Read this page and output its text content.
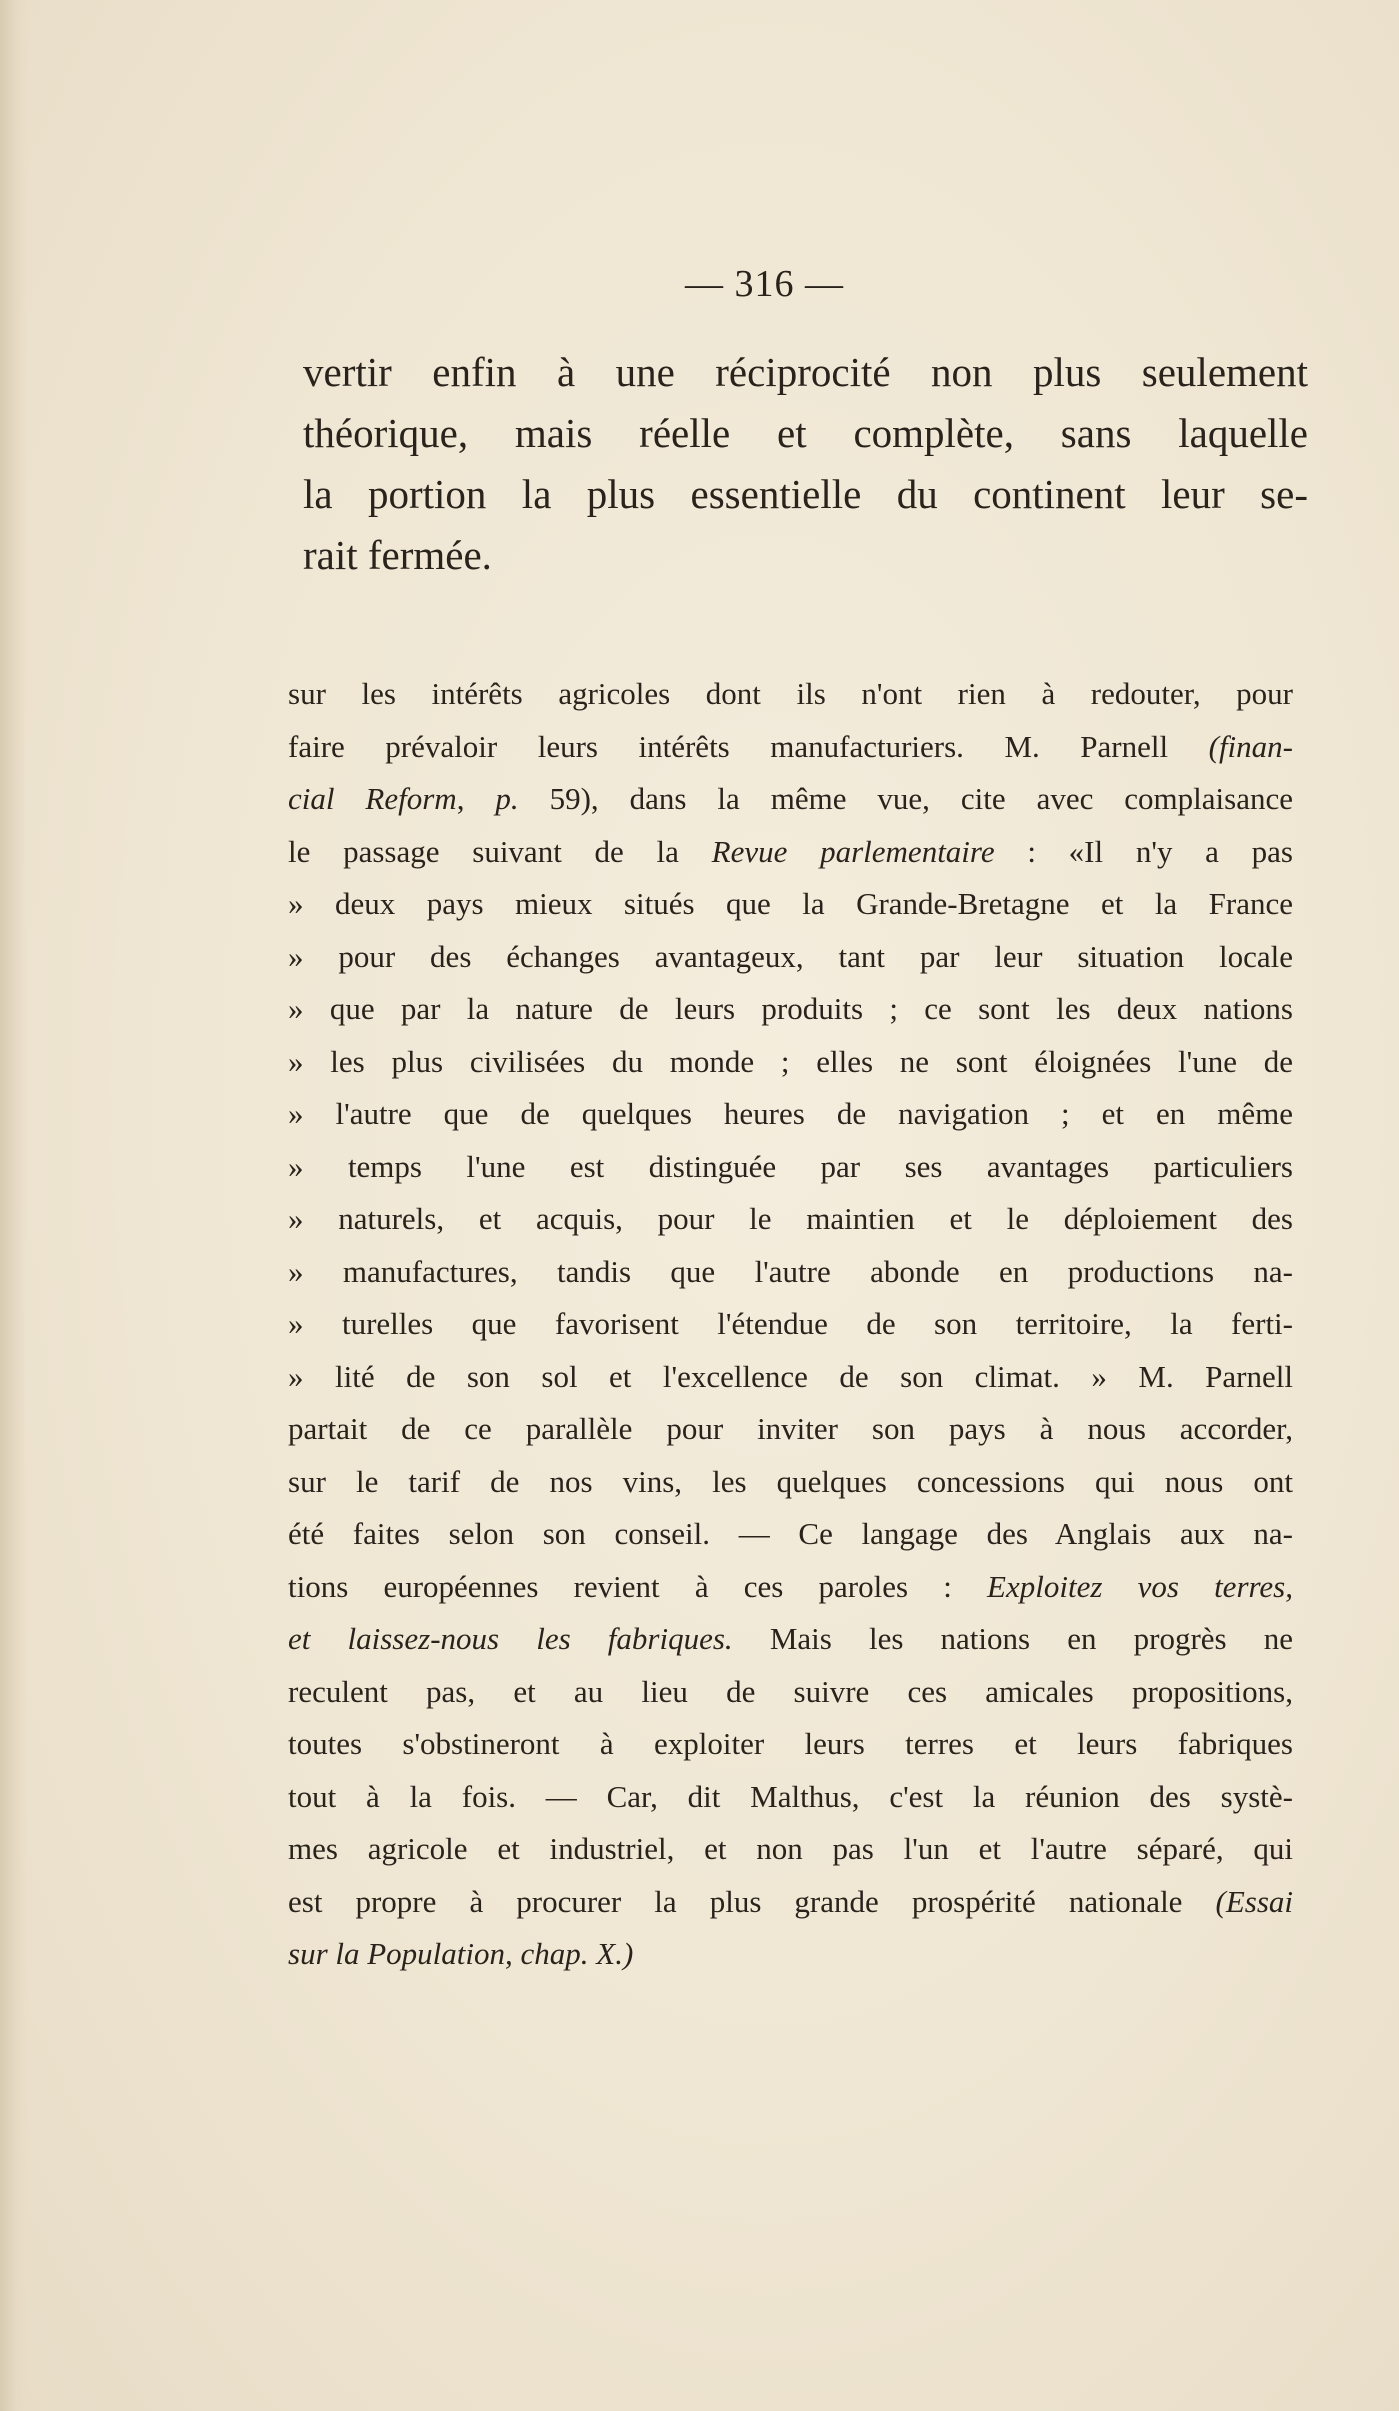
— 316 —
vertir enfin à une réciprocité non plus seulement
théorique, mais réelle et complète, sans laquelle
la portion la plus essentielle du continent leur se-
rait fermée.
sur les intérêts agricoles dont ils n'ont rien à redouter, pour
faire prévaloir leurs intérêts manufacturiers. M. Parnell (finan-
cial Reform, p. 59), dans la même vue, cite avec complaisance
le passage suivant de la Revue parlementaire : «Il n'y a pas
» deux pays mieux situés que la Grande-Bretagne et la France
» pour des échanges avantageux, tant par leur situation locale
» que par la nature de leurs produits ; ce sont les deux nations
» les plus civilisées du monde ; elles ne sont éloignées l'une de
» l'autre que de quelques heures de navigation ; et en même
» temps l'une est distinguée par ses avantages particuliers
» naturels, et acquis, pour le maintien et le déploiement des
» manufactures, tandis que l'autre abonde en productions na-
» turelles que favorisent l'étendue de son territoire, la ferti-
» lité de son sol et l'excellence de son climat. » M. Parnell
partait de ce parallèle pour inviter son pays à nous accorder,
sur le tarif de nos vins, les quelques concessions qui nous ont
été faites selon son conseil. — Ce langage des Anglais aux na-
tions européennes revient à ces paroles : Exploitez vos terres,
et laissez-nous les fabriques. Mais les nations en progrès ne
reculent pas, et au lieu de suivre ces amicales propositions,
toutes s'obstineront à exploiter leurs terres et leurs fabriques
tout à la fois. — Car, dit Malthus, c'est la réunion des systè-
mes agricole et industriel, et non pas l'un et l'autre séparé, qui
est propre à procurer la plus grande prospérité nationale (Essai
sur la Population, chap. X.)
